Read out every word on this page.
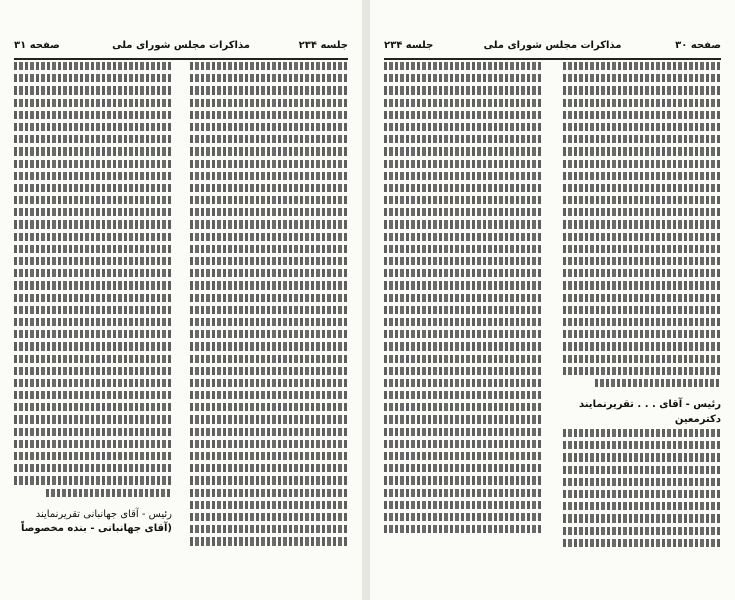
جلسه ۲۳۴
مذاکرات مجلس شورای ملی
صفحه ۳۱
رئیس - آقای جهانبانی تقریرنمایند
(آقای جهانبانی - بنده مخصوصاً
صفحه ۳۰
مذاکرات مجلس شورای ملی
جلسه ۲۳۴
رئیس - آقای . . . تقریرنمایند
دکترمعین
